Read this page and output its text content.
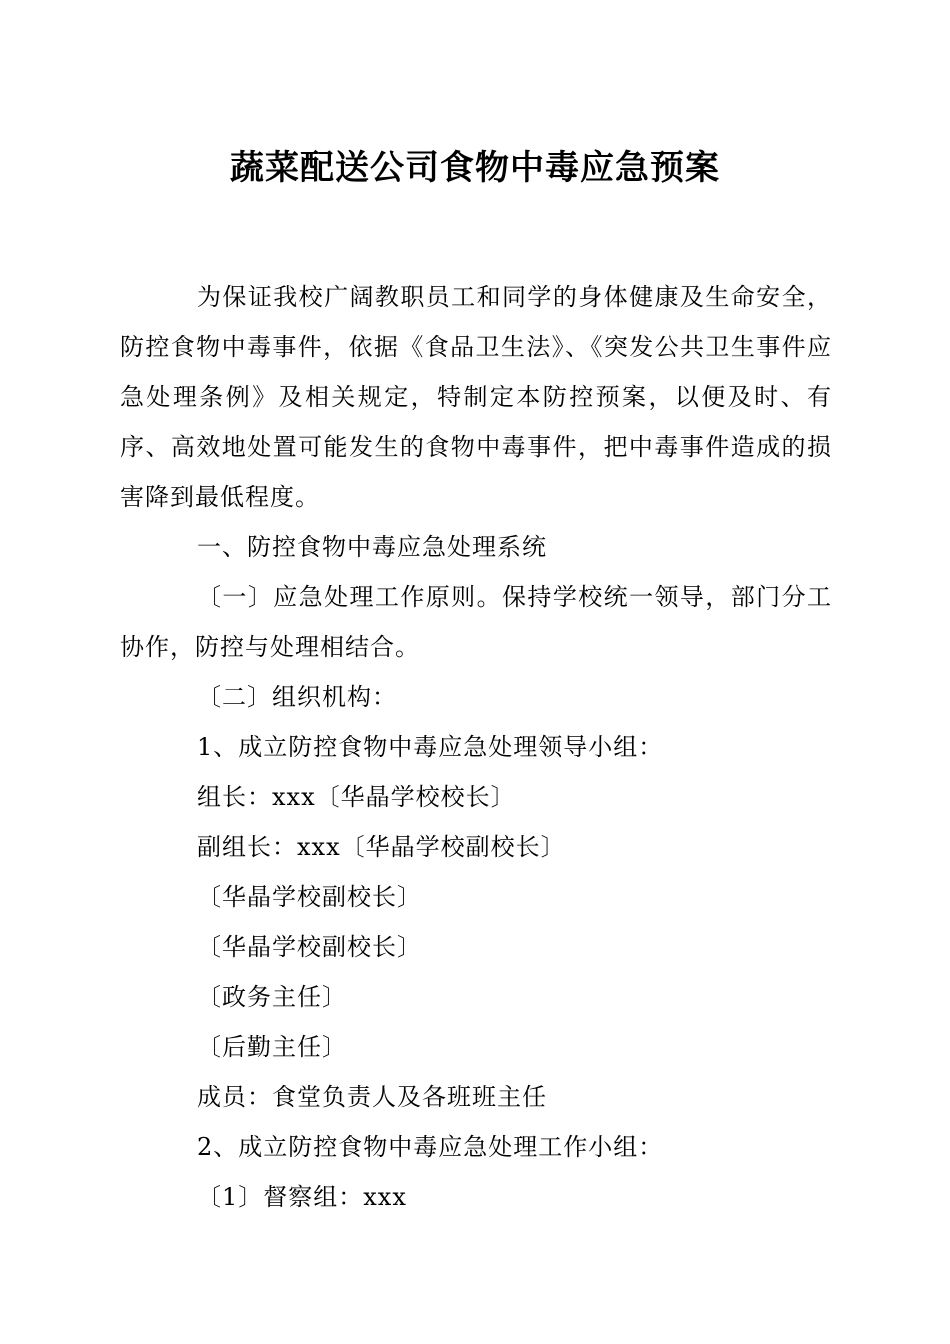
蔬菜配送公司食物中毒应急预案

为保证我校广阔教职员工和同学的身体健康及生命安全，防控食物中毒事件，依据《食品卫生法》、《突发公共卫生事件应急处理条例》及相关规定，特制定本防控预案，以便及时、有序、高效地处置可能发生的食物中毒事件，把中毒事件造成的损害降到最低程度。

一、防控食物中毒应急处理系统

〔一〕应急处理工作原则。保持学校统一领导，部门分工协作，防控与处理相结合。

〔二〕组织机构：

1、成立防控食物中毒应急处理领导小组：

组长：xxx〔华晶学校校长〕

副组长：xxx〔华晶学校副校长〕

〔华晶学校副校长〕

〔华晶学校副校长〕

〔政务主任〕

〔后勤主任〕

成员：食堂负责人及各班班主任

2、成立防控食物中毒应急处理工作小组：

〔1〕督察组：xxx
